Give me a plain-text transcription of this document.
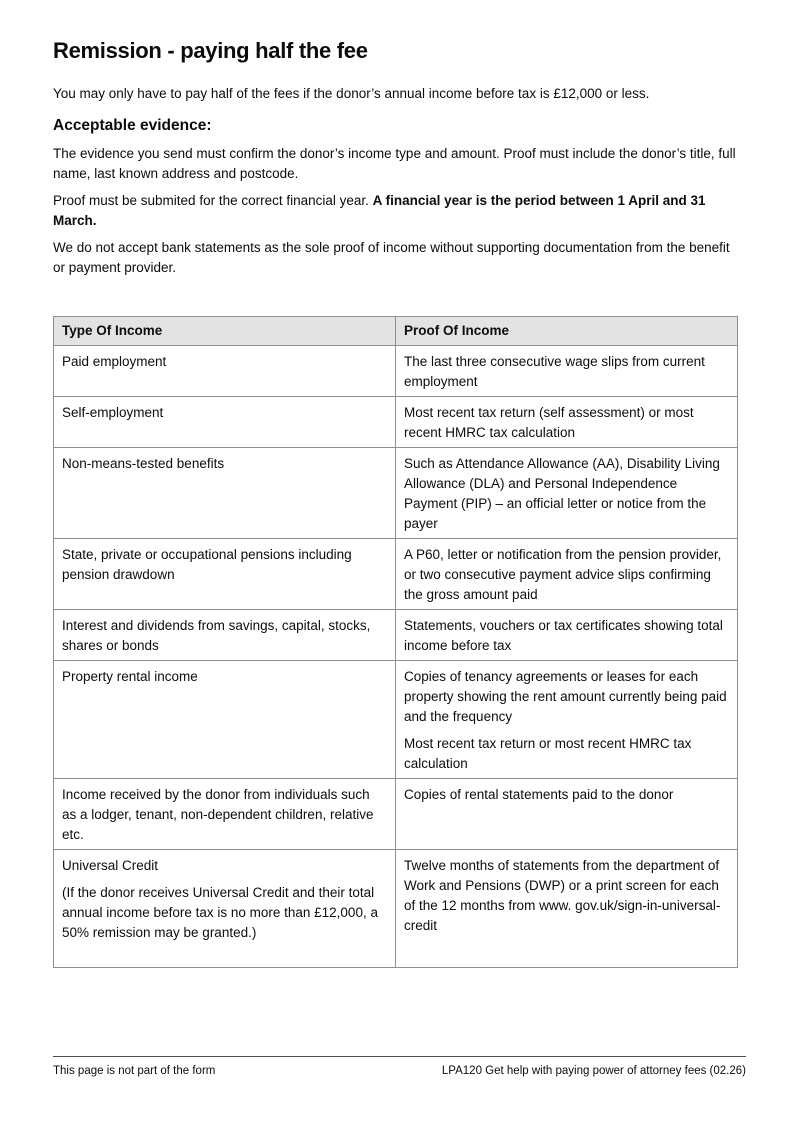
Remission - paying half the fee

You may only have to pay half of the fees if the donor’s annual income before tax is £12,000 or less.

Acceptable evidence:

The evidence you send must confirm the donor’s income type and amount. Proof must include the donor’s title, full name, last known address and postcode.

Proof must be submited for the correct financial year. A financial year is the period between 1 April and 31 March.

We do not accept bank statements as the sole proof of income without supporting documentation from the benefit or payment provider.

Type Of Income	Proof Of Income

Paid employment	The last three consecutive wage slips from current employment

Self-employment	Most recent tax return (self assessment) or most recent HMRC tax calculation

Non-means-tested benefits	Such as Attendance Allowance (AA), Disability Living Allowance (DLA) and Personal Independence Payment (PIP) – an official letter or notice from the payer

State, private or occupational pensions including pension drawdown	A P60, letter or notification from the pension provider, or two consecutive payment advice slips confirming the gross amount paid

Interest and dividends from savings, capital, stocks, shares or bonds	Statements, vouchers or tax certificates showing total income before tax

Property rental income	Copies of tenancy agreements or leases for each property showing the rent amount currently being paid and the frequency

Most recent tax return or most recent HMRC tax calculation

Income received by the donor from individuals such as a lodger, tenant, non-dependent children, relative etc.	Copies of rental statements paid to the donor

Universal Credit

(If the donor receives Universal Credit and their total annual income before tax is no more than £12,000, a 50% remission may be granted.)	Twelve months of statements from the department of Work and Pensions (DWP) or a print screen for each of the 12 months from www. gov.uk/sign-in-universal-credit

This page is not part of the form	LPA120 Get help with paying power of attorney fees (02.26)
